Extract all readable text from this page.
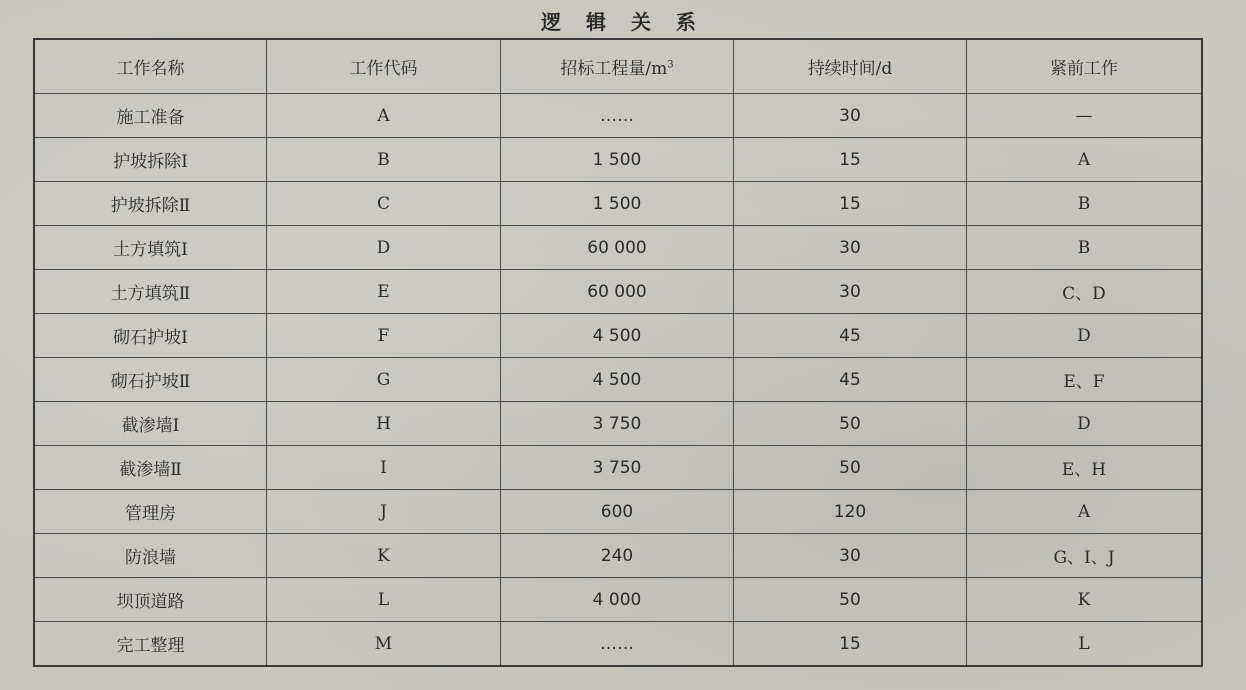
逻 辑 关 系
工作名称	工作代码	招标工程量$/m^3$	持续时间/d	紧前工作
施工准备	A	……	30	—
护坡拆除Ⅰ	B	1 500	15	A
护坡拆除Ⅱ	C	1 500	15	B
土方填筑Ⅰ	D	60 000	30	B
土方填筑Ⅱ	E	60 000	30	C、D
砌石护坡Ⅰ	F	4 500	45	D
砌石护坡Ⅱ	G	4 500	45	E、F
截渗墙Ⅰ	H	3 750	50	D
截渗墙Ⅱ	I	3 750	50	E、H
管理房	J	600	120	A
防浪墙	K	240	30	G、I、J
坝顶道路	L	4 000	50	K
完工整理	M	……	15	L
